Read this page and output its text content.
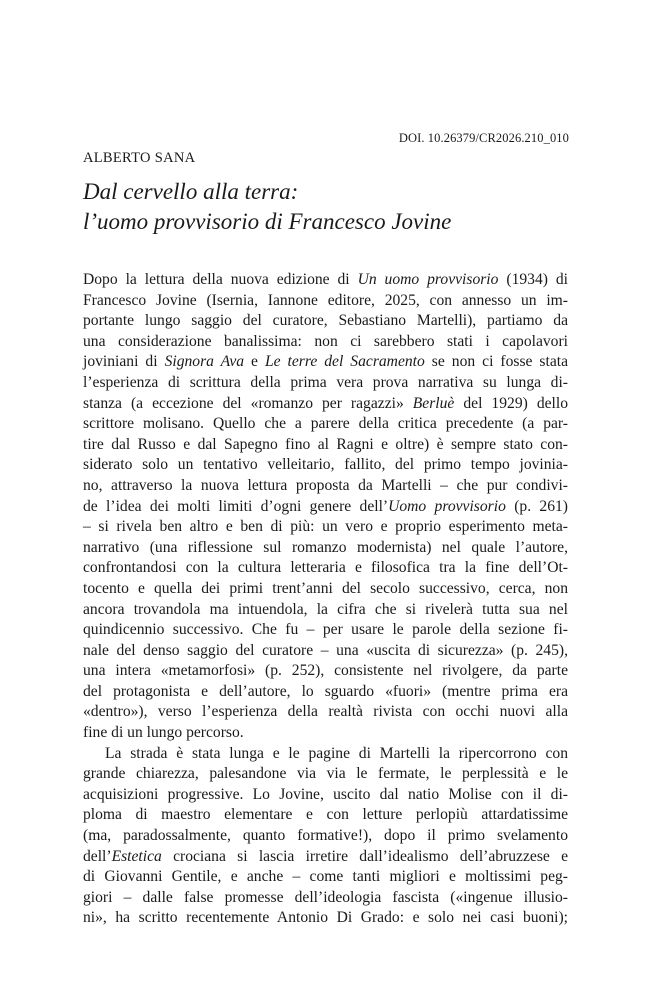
DOI. 10.26379/CR2026.210_010
ALBERTO SANA
Dal cervello alla terra:
l’uomo provvisorio di Francesco Jovine
Dopo la lettura della nuova edizione di Un uomo provvisorio (1934) di
Francesco Jovine (Isernia, Iannone editore, 2025, con annesso un im-
portante lungo saggio del curatore, Sebastiano Martelli), partiamo da
una considerazione banalissima: non ci sarebbero stati i capolavori
joviniani di Signora Ava e Le terre del Sacramento se non ci fosse stata
l’esperienza di scrittura della prima vera prova narrativa su lunga di-
stanza (a eccezione del «romanzo per ragazzi» Berluè del 1929) dello
scrittore molisano. Quello che a parere della critica precedente (a par-
tire dal Russo e dal Sapegno fino al Ragni e oltre) è sempre stato con-
siderato solo un tentativo velleitario, fallito, del primo tempo jovinia-
no, attraverso la nuova lettura proposta da Martelli – che pur condivi-
de l’idea dei molti limiti d’ogni genere dell’Uomo provvisorio (p. 261)
– si rivela ben altro e ben di più: un vero e proprio esperimento meta-
narrativo (una riflessione sul romanzo modernista) nel quale l’autore,
confrontandosi con la cultura letteraria e filosofica tra la fine dell’Ot-
tocento e quella dei primi trent’anni del secolo successivo, cerca, non
ancora trovandola ma intuendola, la cifra che si rivelerà tutta sua nel
quindicennio successivo. Che fu – per usare le parole della sezione fi-
nale del denso saggio del curatore – una «uscita di sicurezza» (p. 245),
una intera «metamorfosi» (p. 252), consistente nel rivolgere, da parte
del protagonista e dell’autore, lo sguardo «fuori» (mentre prima era
«dentro»), verso l’esperienza della realtà rivista con occhi nuovi alla
fine di un lungo percorso.
La strada è stata lunga e le pagine di Martelli la ripercorrono con
grande chiarezza, palesandone via via le fermate, le perplessità e le
acquisizioni progressive. Lo Jovine, uscito dal natio Molise con il di-
ploma di maestro elementare e con letture perlopiù attardatissime
(ma, paradossalmente, quanto formative!), dopo il primo svelamento
dell’Estetica crociana si lascia irretire dall’idealismo dell’abruzzese e
di Giovanni Gentile, e anche – come tanti migliori e moltissimi peg-
giori – dalle false promesse dell’ideologia fascista («ingenue illusio-
ni», ha scritto recentemente Antonio Di Grado: e solo nei casi buoni);
